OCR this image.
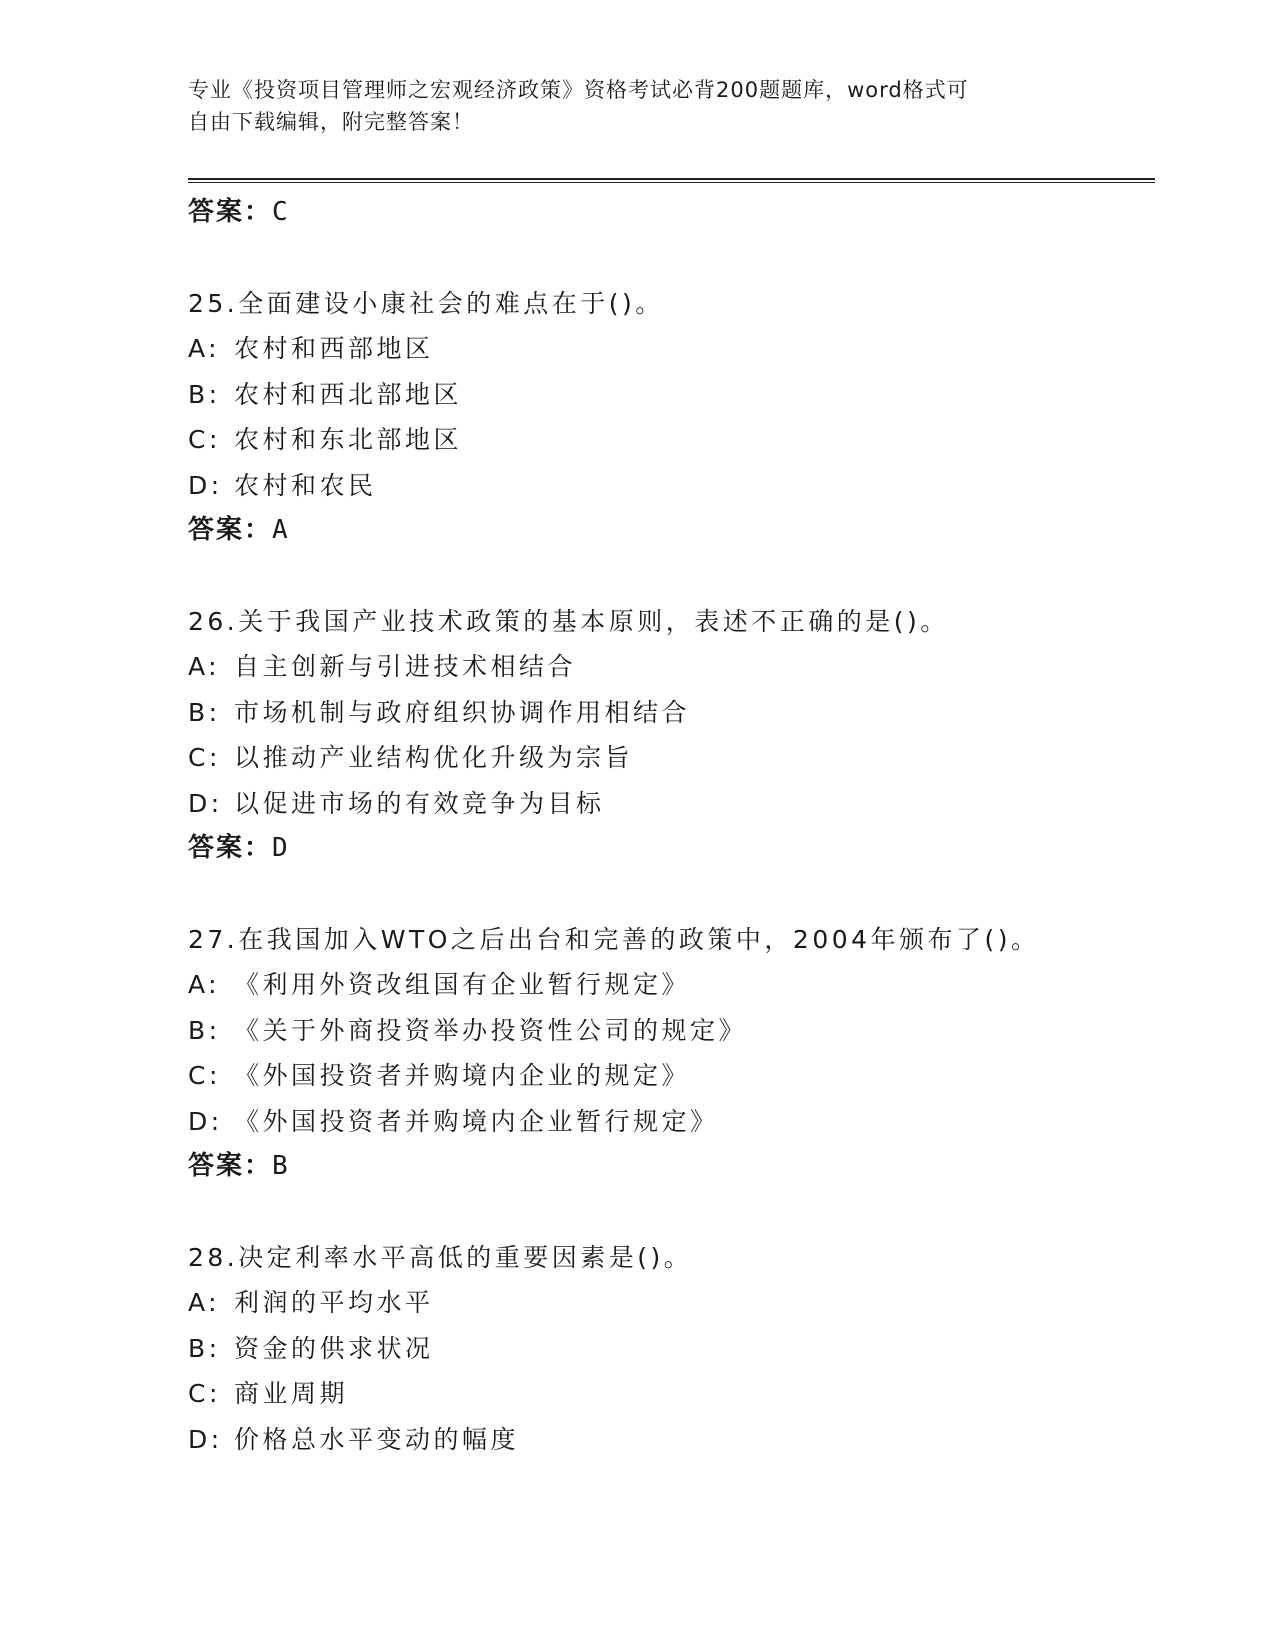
专业《投资项目管理师之宏观经济政策》资格考试必背200题题库，word格式可
自由下载编辑，附完整答案！
答案：C
25.全面建设小康社会的难点在于()。
A: 农村和西部地区
B: 农村和西北部地区
C: 农村和东北部地区
D: 农村和农民
答案：A
26.关于我国产业技术政策的基本原则，表述不正确的是()。
A: 自主创新与引进技术相结合
B: 市场机制与政府组织协调作用相结合
C: 以推动产业结构优化升级为宗旨
D: 以促进市场的有效竞争为目标
答案：D
27.在我国加入WTO之后出台和完善的政策中，2004年颁布了()。
A: 《利用外资改组国有企业暂行规定》
B: 《关于外商投资举办投资性公司的规定》
C: 《外国投资者并购境内企业的规定》
D: 《外国投资者并购境内企业暂行规定》
答案：B
28.决定利率水平高低的重要因素是()。
A: 利润的平均水平
B: 资金的供求状况
C: 商业周期
D: 价格总水平变动的幅度
